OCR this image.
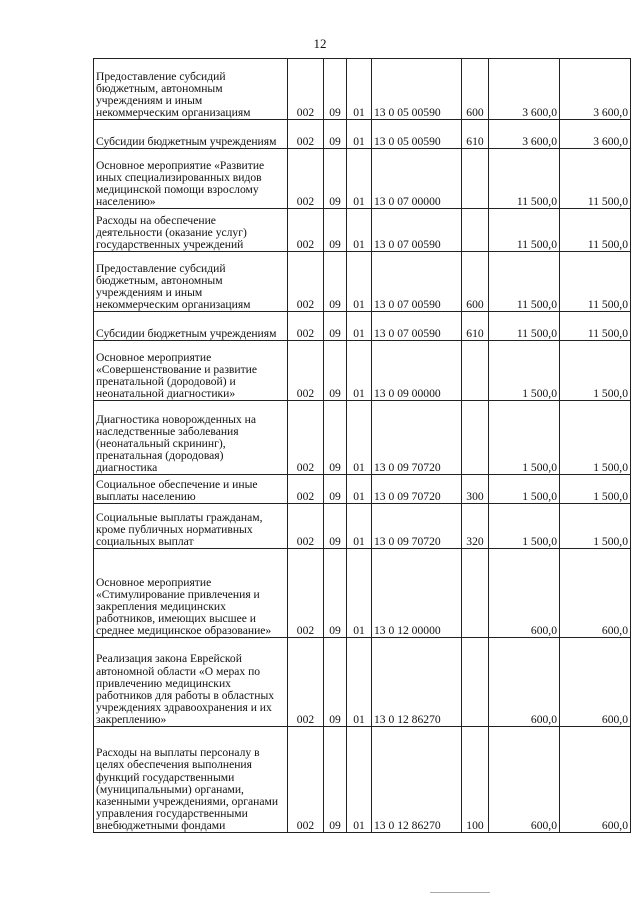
12
Предоставление субсидий бюджетным, автономным учреждениям и иным некоммерческим организациям	002	09	01	13 0 05 00590	600	3 600,0	3 600,0
Субсидии бюджетным учреждениям	002	09	01	13 0 05 00590	610	3 600,0	3 600,0
Основное мероприятие «Развитие иных специализированных видов медицинской помощи взрослому населению»	002	09	01	13 0 07 00000		11 500,0	11 500,0
Расходы на обеспечение деятельности (оказание услуг) государственных учреждений	002	09	01	13 0 07 00590		11 500,0	11 500,0
Предоставление субсидий бюджетным, автономным учреждениям и иным некоммерческим организациям	002	09	01	13 0 07 00590	600	11 500,0	11 500,0
Субсидии бюджетным учреждениям	002	09	01	13 0 07 00590	610	11 500,0	11 500,0
Основное мероприятие «Совершенствование и развитие пренатальной (дородовой) и неонатальной диагностики»	002	09	01	13 0 09 00000		1 500,0	1 500,0
Диагностика новорожденных на наследственные заболевания (неонатальный скрининг), пренатальная (дородовая) диагностика	002	09	01	13 0 09 70720		1 500,0	1 500,0
Социальное обеспечение и иные выплаты населению	002	09	01	13 0 09 70720	300	1 500,0	1 500,0
Социальные выплаты гражданам, кроме публичных нормативных социальных выплат	002	09	01	13 0 09 70720	320	1 500,0	1 500,0
Основное мероприятие «Стимулирование привлечения и закрепления медицинских работников, имеющих высшее и среднее медицинское образование»	002	09	01	13 0 12 00000		600,0	600,0
Реализация закона Еврейской автономной области «О мерах по привлечению медицинских работников для работы в областных учреждениях здравоохранения и их закреплению»	002	09	01	13 0 12 86270		600,0	600,0
Расходы на выплаты персоналу в целях обеспечения выполнения функций государственными (муниципальными) органами, казенными учреждениями, органами управления государственными внебюджетными фондами	002	09	01	13 0 12 86270	100	600,0	600,0
